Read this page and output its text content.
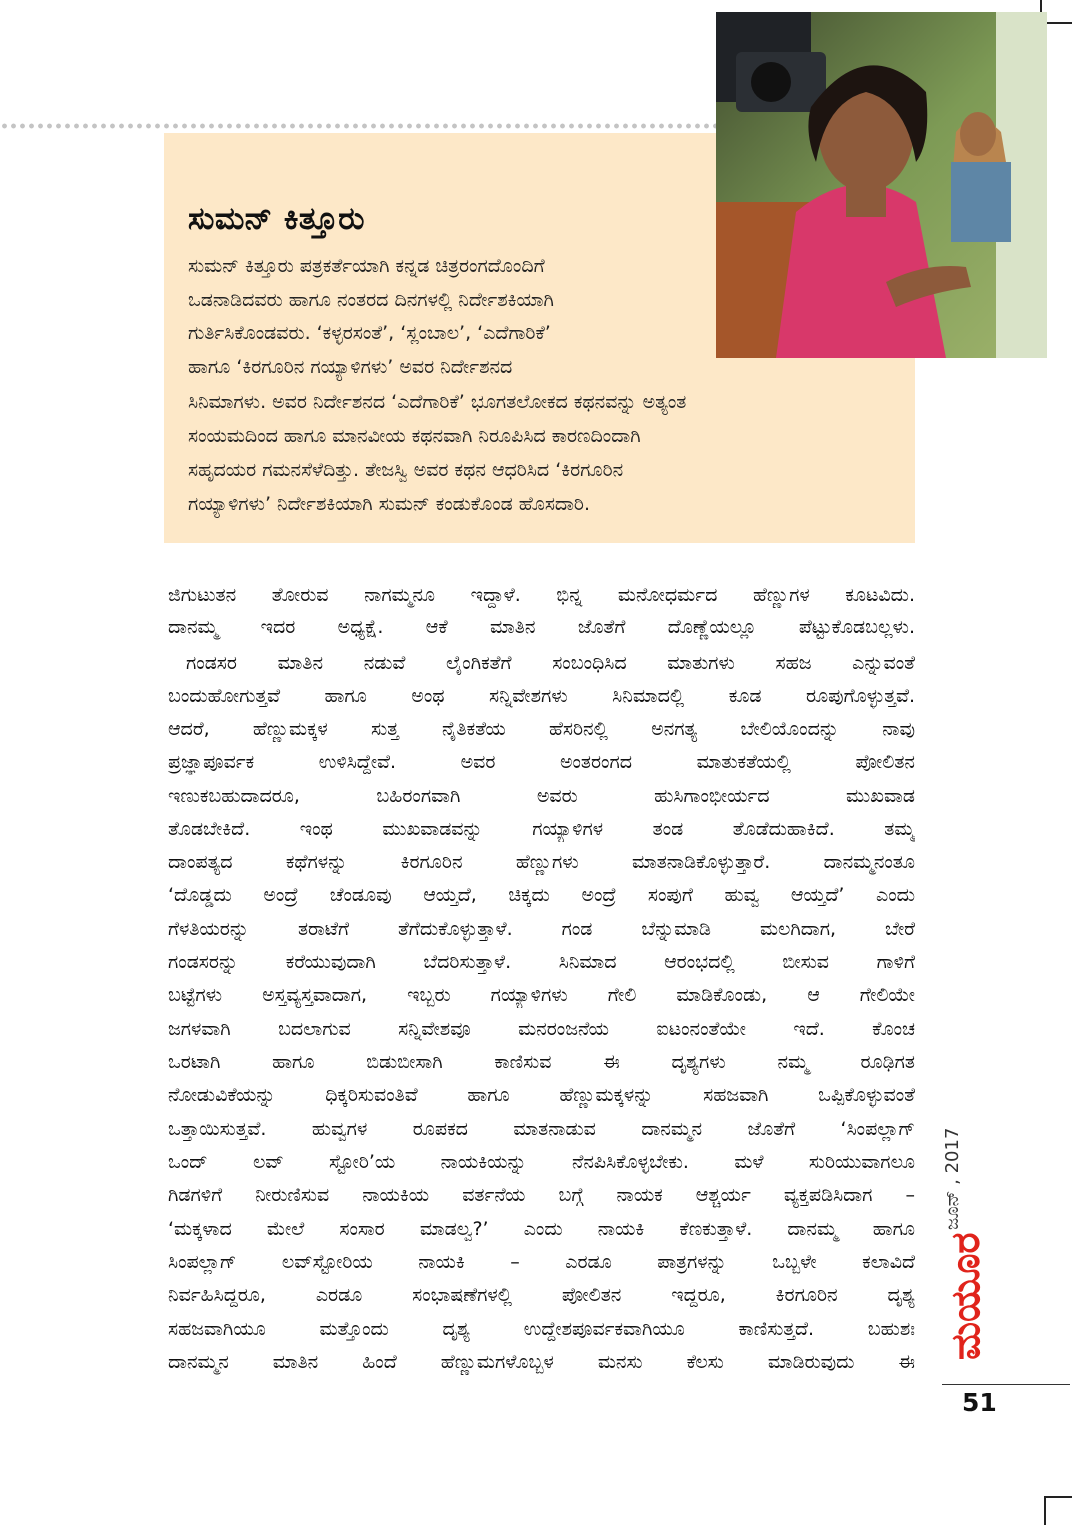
ಸುಮನ್ ಕಿತ್ತೂರು

ಸುಮನ್ ಕಿತ್ತೂರು ಪತ್ರಕರ್ತೆಯಾಗಿ ಕನ್ನಡ ಚಿತ್ರರಂಗದೊಂದಿಗೆ

ಒಡನಾಡಿದವರು ಹಾಗೂ ನಂತರದ ದಿನಗಳಲ್ಲಿ ನಿರ್ದೇಶಕಿಯಾಗಿ

ಗುರ್ತಿಸಿಕೊಂಡವರು. ‘ಕಳ್ಳರಸಂತೆ’, ‘ಸ್ಲಂಬಾಲ’, ‘ಎದೆಗಾರಿಕೆ’

ಹಾಗೂ ‘ಕಿರಗೂರಿನ ಗಯ್ಯಾಳಿಗಳು’ ಅವರ ನಿರ್ದೇಶನದ

ಸಿನಿಮಾಗಳು. ಅವರ ನಿರ್ದೇಶನದ ‘ಎದೆಗಾರಿಕೆ’ ಭೂಗತಲೋಕದ ಕಥನವನ್ನು ಅತ್ಯಂತ

ಸಂಯಮದಿಂದ ಹಾಗೂ ಮಾನವೀಯ ಕಥನವಾಗಿ ನಿರೂಪಿಸಿದ ಕಾರಣದಿಂದಾಗಿ

ಸಹೃದಯರ ಗಮನಸೆಳೆದಿತ್ತು. ತೇಜಸ್ವಿ ಅವರ ಕಥನ ಆಧರಿಸಿದ ‘ಕಿರಗೂರಿನ

ಗಯ್ಯಾಳಿಗಳು’ ನಿರ್ದೇಶಕಿಯಾಗಿ ಸುಮನ್ ಕಂಡುಕೊಂಡ ಹೊಸದಾರಿ.

ಜಿಗುಟುತನ ತೋರುವ ನಾಗಮ್ಮನೂ ಇದ್ದಾಳೆ. ಭಿನ್ನ ಮನೋಧರ್ಮದ ಹೆಣ್ಣುಗಳ ಕೂಟವಿದು.

ದಾನಮ್ಮ ಇದರ ಅಧ್ಯಕ್ಷೆ. ಆಕೆ ಮಾತಿನ ಜೊತೆಗೆ ದೊಣ್ಣೆಯಲ್ಲೂ ಪೆಟ್ಟುಕೊಡಬಲ್ಲಳು.

ಗಂಡಸರ ಮಾತಿನ ನಡುವೆ ಲೈಂಗಿಕತೆಗೆ ಸಂಬಂಧಿಸಿದ ಮಾತುಗಳು ಸಹಜ ಎನ್ನುವಂತೆ

ಬಂದುಹೋಗುತ್ತವೆ ಹಾಗೂ ಅಂಥ ಸನ್ನಿವೇಶಗಳು ಸಿನಿಮಾದಲ್ಲಿ ಕೂಡ ರೂಪುಗೊಳ್ಳುತ್ತವೆ.

ಆದರೆ, ಹೆಣ್ಣುಮಕ್ಕಳ ಸುತ್ತ ನೈತಿಕತೆಯ ಹೆಸರಿನಲ್ಲಿ ಅನಗತ್ಯ ಬೇಲಿಯೊಂದನ್ನು ನಾವು

ಪ್ರಜ್ಞಾಪೂರ್ವಕ ಉಳಿಸಿದ್ದೇವೆ. ಅವರ ಅಂತರಂಗದ ಮಾತುಕತೆಯಲ್ಲಿ ಪೋಲಿತನ

ಇಣುಕಬಹುದಾದರೂ, ಬಹಿರಂಗವಾಗಿ ಅವರು ಹುಸಿಗಾಂಭೀರ್ಯದ ಮುಖವಾಡ

ತೊಡಬೇಕಿದೆ. ಇಂಥ ಮುಖವಾಡವನ್ನು ಗಯ್ಯಾಳಿಗಳ ತಂಡ ತೊಡೆದುಹಾಕಿದೆ. ತಮ್ಮ

ದಾಂಪತ್ಯದ ಕಥೆಗಳನ್ನು ಕಿರಗೂರಿನ ಹೆಣ್ಣುಗಳು ಮಾತನಾಡಿಕೊಳ್ಳುತ್ತಾರೆ. ದಾನಮ್ಮನಂತೂ

‘ದೊಡ್ಡದು ಅಂದ್ರೆ ಚೆಂಡೂವು ಆಯ್ತದೆ, ಚಿಕ್ಕದು ಅಂದ್ರೆ ಸಂಪುಗೆ ಹುವ್ವ ಆಯ್ತದೆ’ ಎಂದು

ಗೆಳತಿಯರನ್ನು ತರಾಟೆಗೆ ತೆಗೆದುಕೊಳ್ಳುತ್ತಾಳೆ. ಗಂಡ ಬೆನ್ನುಮಾಡಿ ಮಲಗಿದಾಗ, ಬೇರೆ

ಗಂಡಸರನ್ನು ಕರೆಯುವುದಾಗಿ ಬೆದರಿಸುತ್ತಾಳೆ. ಸಿನಿಮಾದ ಆರಂಭದಲ್ಲಿ ಬೀಸುವ ಗಾಳಿಗೆ

ಬಟ್ಟೆಗಳು ಅಸ್ತವ್ಯಸ್ತವಾದಾಗ, ಇಬ್ಬರು ಗಯ್ಯಾಳಿಗಳು ಗೇಲಿ ಮಾಡಿಕೊಂಡು, ಆ ಗೇಲಿಯೇ

ಜಗಳವಾಗಿ ಬದಲಾಗುವ ಸನ್ನಿವೇಶವೂ ಮನರಂಜನೆಯ ಐಟಂನಂತೆಯೇ ಇದೆ. ಕೊಂಚ

ಒರಟಾಗಿ ಹಾಗೂ ಬಿಡುಬೀಸಾಗಿ ಕಾಣಿಸುವ ಈ ದೃಶ್ಯಗಳು ನಮ್ಮ ರೂಢಿಗತ

ನೋಡುವಿಕೆಯನ್ನು ಧಿಕ್ಕರಿಸುವಂತಿವೆ ಹಾಗೂ ಹೆಣ್ಣುಮಕ್ಕಳನ್ನು ಸಹಜವಾಗಿ ಒಪ್ಪಿಕೊಳ್ಳುವಂತೆ

ಒತ್ತಾಯಿಸುತ್ತವೆ. ಹುವ್ವಗಳ ರೂಪಕದ ಮಾತನಾಡುವ ದಾನಮ್ಮನ ಜೊತೆಗೆ ‘ಸಿಂಪಲ್ಲಾಗ್

ಒಂದ್ ಲವ್ ಸ್ಟೋರಿ’ಯ ನಾಯಕಿಯನ್ನು ನೆನಪಿಸಿಕೊಳ್ಳಬೇಕು. ಮಳೆ ಸುರಿಯುವಾಗಲೂ

ಗಿಡಗಳಿಗೆ ನೀರುಣಿಸುವ ನಾಯಕಿಯ ವರ್ತನೆಯ ಬಗ್ಗೆ ನಾಯಕ ಆಶ್ಚರ್ಯ ವ್ಯಕ್ತಪಡಿಸಿದಾಗ –

‘ಮಕ್ಕಳಾದ ಮೇಲೆ ಸಂಸಾರ ಮಾಡಲ್ವ?’ ಎಂದು ನಾಯಕಿ ಕೆಣಕುತ್ತಾಳೆ. ದಾನಮ್ಮ ಹಾಗೂ

ಸಿಂಪಲ್ಲಾಗ್ ಲವ್‌ಸ್ಟೋರಿಯ ನಾಯಕಿ – ಎರಡೂ ಪಾತ್ರಗಳನ್ನು ಒಬ್ಬಳೇ ಕಲಾವಿದೆ

ನಿರ್ವಹಿಸಿದ್ದರೂ, ಎರಡೂ ಸಂಭಾಷಣೆಗಳಲ್ಲಿ ಪೋಲಿತನ ಇದ್ದರೂ, ಕಿರಗೂರಿನ ದೃಶ್ಯ

ಸಹಜವಾಗಿಯೂ ಮತ್ತೊಂದು ದೃಶ್ಯ ಉದ್ದೇಶಪೂರ್ವಕವಾಗಿಯೂ ಕಾಣಿಸುತ್ತದೆ. ಬಹುಶಃ

ದಾನಮ್ಮನ ಮಾತಿನ ಹಿಂದೆ ಹೆಣ್ಣುಮಗಳೊಬ್ಬಳ ಮನಸು ಕೆಲಸು ಮಾಡಿರುವುದು ಈ

ಜೂನ್ , 2017

ಮಯೂರ

51
